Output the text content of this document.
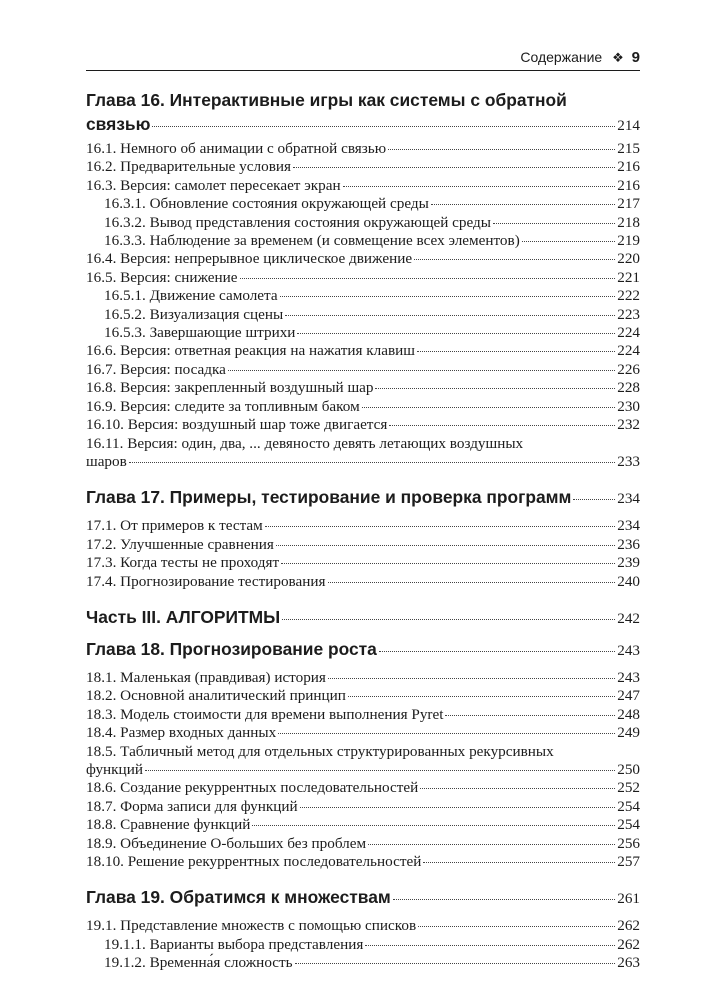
Содержание ❖ 9
Глава 16. Интерактивные игры как системы с обратной
связью	214
16.1. Немного об анимации с обратной связью	215
16.2. Предварительные условия	216
16.3. Версия: самолет пересекает экран	216
16.3.1. Обновление состояния окружающей среды	217
16.3.2. Вывод представления состояния окружающей среды	218
16.3.3. Наблюдение за временем (и совмещение всех элементов)	219
16.4. Версия: непрерывное циклическое движение	220
16.5. Версия: снижение	221
16.5.1. Движение самолета	222
16.5.2. Визуализация сцены	223
16.5.3. Завершающие штрихи	224
16.6. Версия: ответная реакция на нажатия клавиш	224
16.7. Версия: посадка	226
16.8. Версия: закрепленный воздушный шар	228
16.9. Версия: следите за топливным баком	230
16.10. Версия: воздушный шар тоже двигается	232
16.11. Версия: один, два, ... девяносто девять летающих воздушных
шаров	233
Глава 17. Примеры, тестирование и проверка программ	234
17.1. От примеров к тестам	234
17.2. Улучшенные сравнения	236
17.3. Когда тесты не проходят	239
17.4. Прогнозирование тестирования	240
Часть III. АЛГОРИТМЫ	242
Глава 18. Прогнозирование роста	243
18.1. Маленькая (правдивая) история	243
18.2. Основной аналитический принцип	247
18.3. Модель стоимости для времени выполнения Pyret	248
18.4. Размер входных данных	249
18.5. Табличный метод для отдельных структурированных рекурсивных
функций	250
18.6. Создание рекуррентных последовательностей	252
18.7. Форма записи для функций	254
18.8. Сравнение функций	254
18.9. Объединение О-больших без проблем	256
18.10. Решение рекуррентных последовательностей	257
Глава 19. Обратимся к множествам	261
19.1. Представление множеств с помощью списков	262
19.1.1. Варианты выбора представления	262
19.1.2. Временна́я сложность	263
